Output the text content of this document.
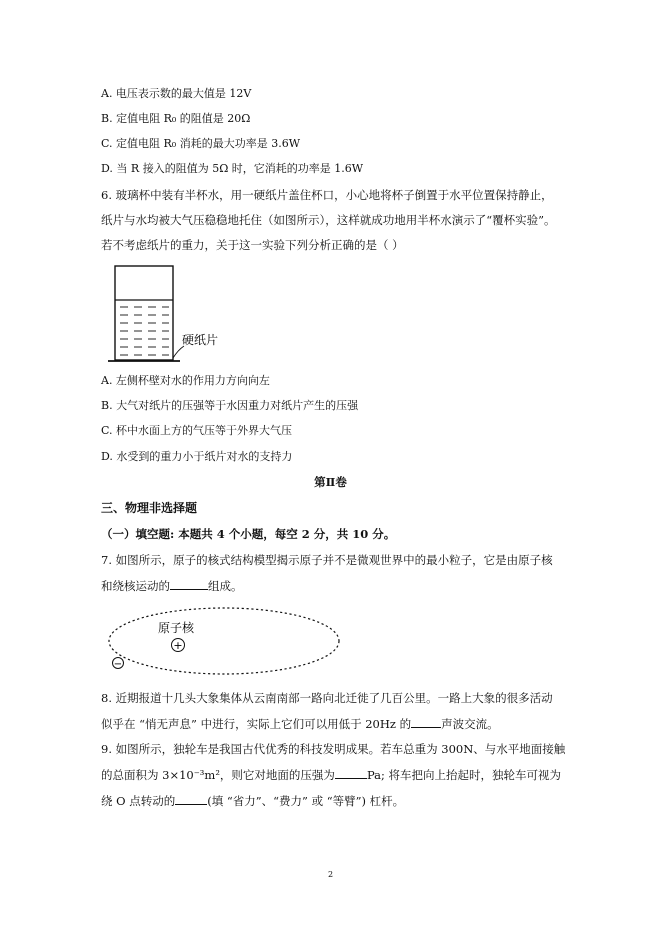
A. 电压表示数的最大值是 12V
B. 定值电阻 R₀ 的阻值是 20Ω
C. 定值电阻 R₀ 消耗的最大功率是 3.6W
D. 当 R 接入的阻值为 5Ω 时，它消耗的功率是 1.6W
6. 玻璃杯中装有半杯水，用一硬纸片盖住杯口，小心地将杯子倒置于水平位置保持静止，
纸片与水均被大气压稳稳地托住（如图所示），这样就成功地用半杯水演示了“覆杯实验”。
若不考虑纸片的重力，关于这一实验下列分析正确的是（ ）
硬纸片
A. 左侧杯壁对水的作用力方向向左
B. 大气对纸片的压强等于水因重力对纸片产生的压强
C. 杯中水面上方的气压等于外界大气压
D. 水受到的重力小于纸片对水的支持力
第Ⅱ卷
三、物理非选择题
（一）填空题: 本题共 4 个小题，每空 2 分，共 10 分。
7. 如图所示，原子的核式结构模型揭示原子并不是微观世界中的最小粒子，它是由原子核
和绕核运动的	组成。
原子核
+
−
8. 近期报道十几头大象集体从云南南部一路向北迁徙了几百公里。一路上大象的很多活动
似乎在 “悄无声息” 中进行，实际上它们可以用低于 20Hz 的	声波交流。
9. 如图所示，独轮车是我国古代优秀的科技发明成果。若车总重为 300N、与水平地面接触
的总面积为 3×10⁻³m²，则它对地面的压强为	Pa; 将车把向上抬起时，独轮车可视为
绕 O 点转动的	(填 “省力”、“费力” 或 “等臂”) 杠杆。
2
